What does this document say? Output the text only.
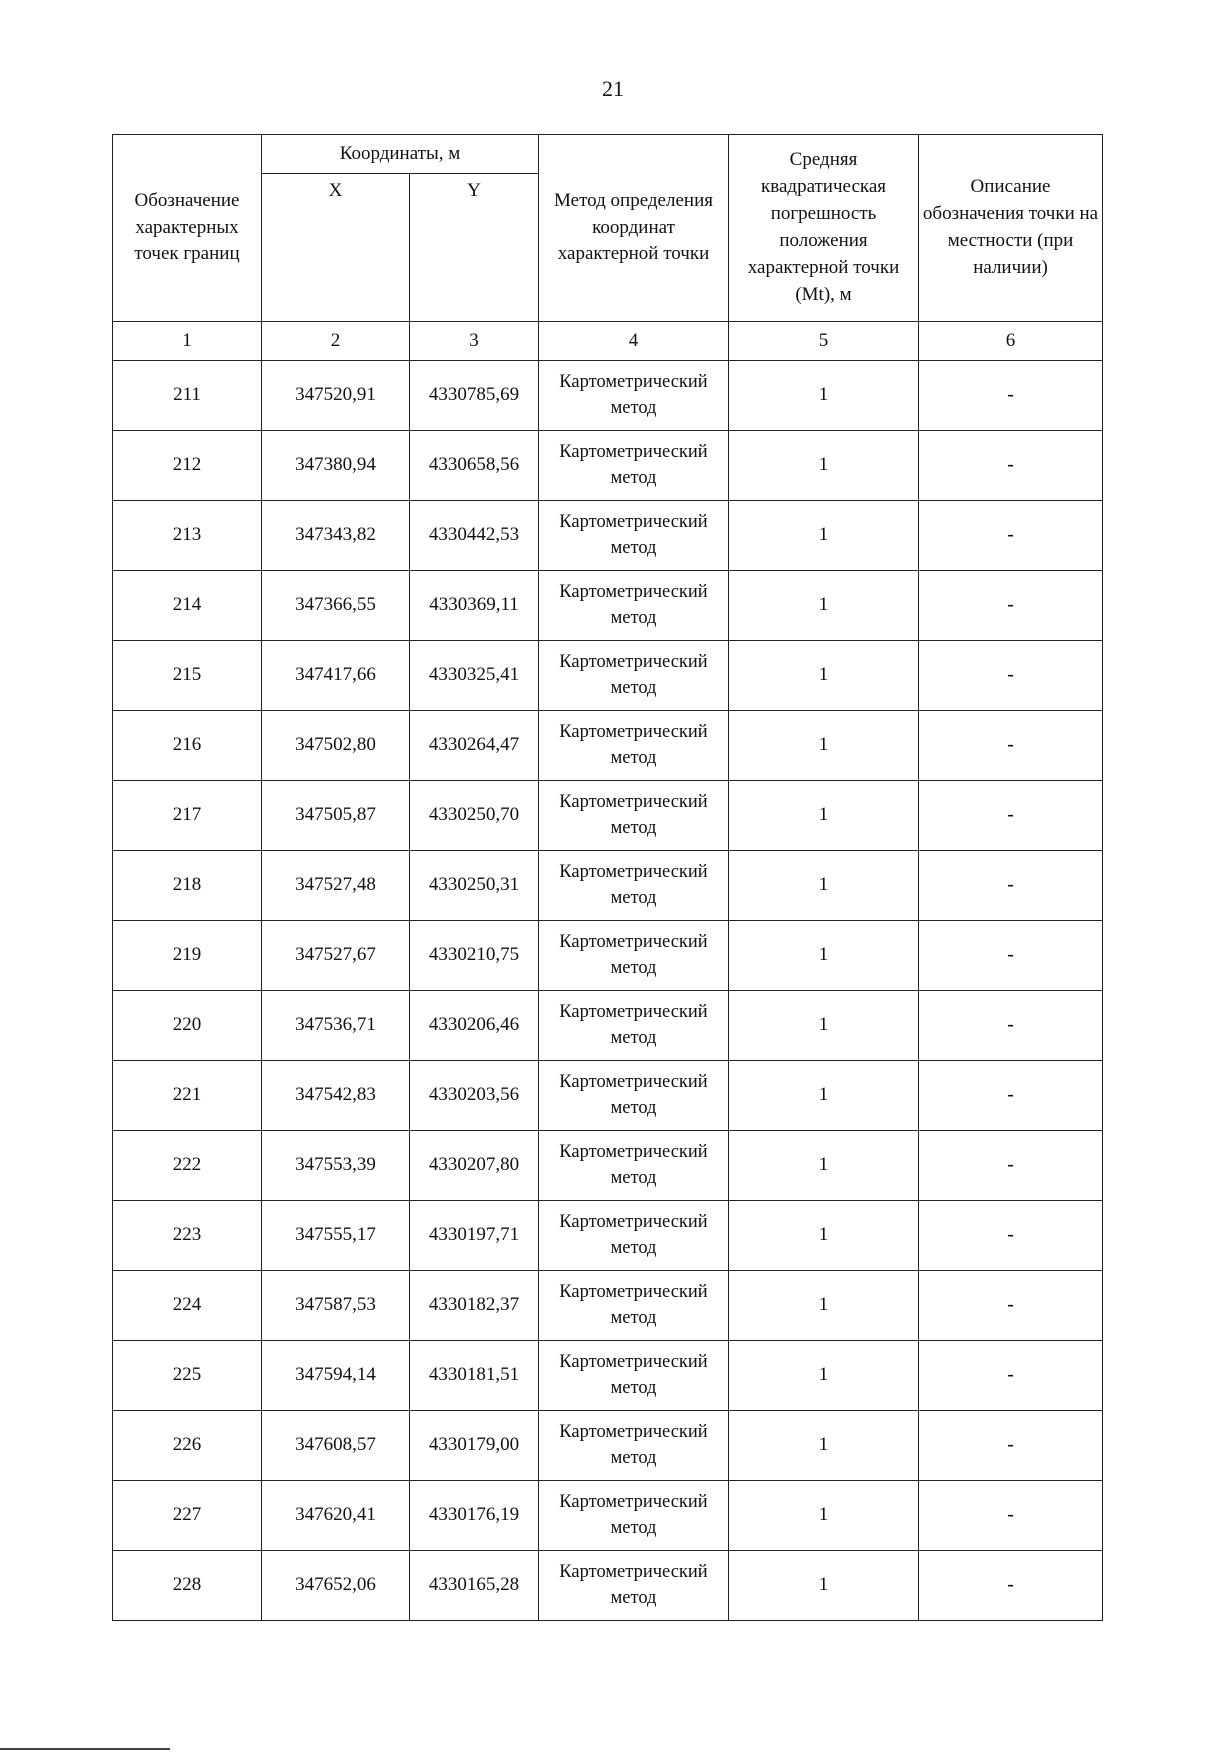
21
Обозначение характерных точек границ	Координаты, м		Метод определения координат характерной точки	Средняя квадратическая погрешность положения характерной точки (Mt), м	Описание обозначения точки на местности (при наличии)
	X	Y			
1	2	3	4	5	6
211	347520,91	4330785,69	Картометрический метод	1	-
212	347380,94	4330658,56	Картометрический метод	1	-
213	347343,82	4330442,53	Картометрический метод	1	-
214	347366,55	4330369,11	Картометрический метод	1	-
215	347417,66	4330325,41	Картометрический метод	1	-
216	347502,80	4330264,47	Картометрический метод	1	-
217	347505,87	4330250,70	Картометрический метод	1	-
218	347527,48	4330250,31	Картометрический метод	1	-
219	347527,67	4330210,75	Картометрический метод	1	-
220	347536,71	4330206,46	Картометрический метод	1	-
221	347542,83	4330203,56	Картометрический метод	1	-
222	347553,39	4330207,80	Картометрический метод	1	-
223	347555,17	4330197,71	Картометрический метод	1	-
224	347587,53	4330182,37	Картометрический метод	1	-
225	347594,14	4330181,51	Картометрический метод	1	-
226	347608,57	4330179,00	Картометрический метод	1	-
227	347620,41	4330176,19	Картометрический метод	1	-
228	347652,06	4330165,28	Картометрический метод	1	-
